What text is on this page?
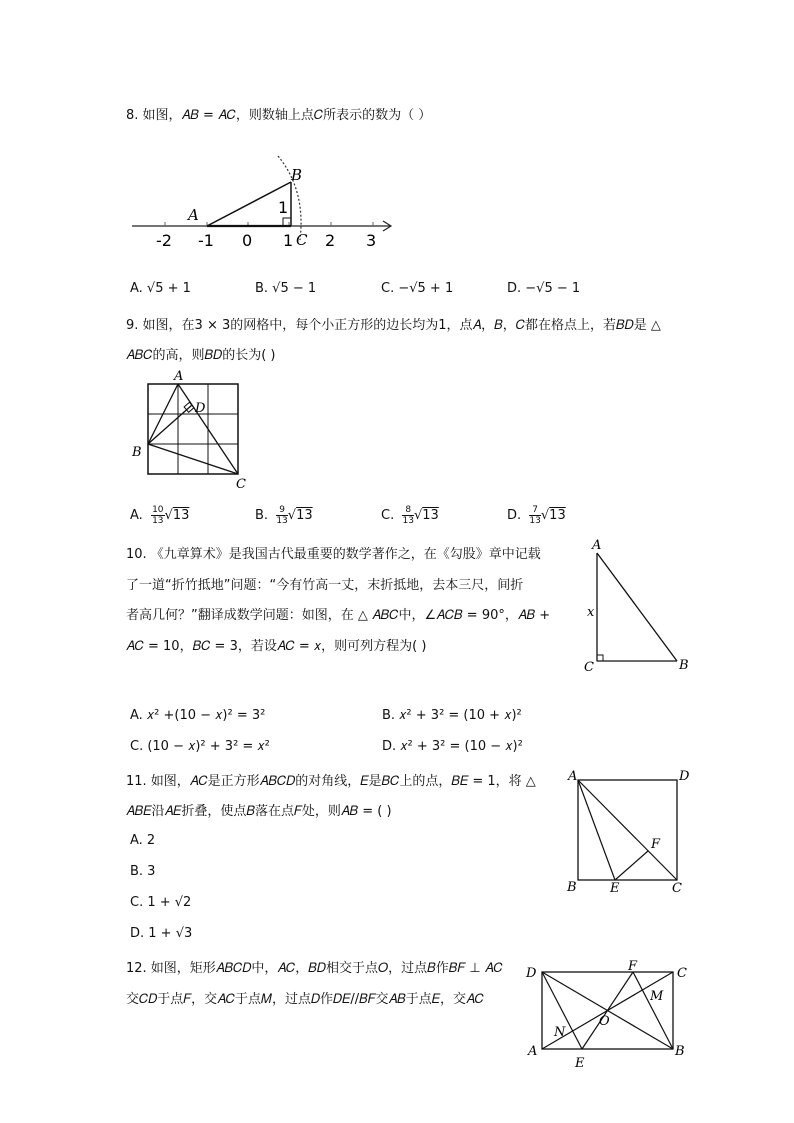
8. 如图，𝐴𝐵 = 𝐴𝐶，则数轴上点𝐶所表示的数为（ ）
A
B
C
1
-2 -1 0 1 2 3
A. √5 + 1	B. √5 − 1	C. −√5 + 1	D. −√5 − 1
9. 如图，在3 × 3的网格中，每个小正方形的边长均为1，点𝐴，𝐵，𝐶都在格点上，若𝐵𝐷是 △
𝐴𝐵𝐶的高，则𝐵𝐷的长为( )
A
B
C
D
A. $\frac{10}{13} √13$	B. $\frac{9}{13} √13$	C. $\frac{8}{13} √13$	D. $\frac{7}{13} √13$
10. 《九章算术》是我国古代最重要的数学著作之，在《勾股》章中记载
了一道“折竹抵地”问题：“今有竹高一丈，末折抵地，去本三尺，间折
者高几何？”翻译成数学问题：如图，在 △ 𝐴𝐵𝐶中，∠𝐴𝐶𝐵 = 90°，𝐴𝐵 +
𝐴𝐶 = 10，𝐵𝐶 = 3，若设𝐴𝐶 = 𝑥，则可列方程为( )
A
C	B
x
A. 𝑥² +(10 − 𝑥)² = 3²	B. 𝑥² + 3² = (10 + 𝑥)²
C. (10 − 𝑥)² + 3² = 𝑥²	D. 𝑥² + 3² = (10 − 𝑥)²
11. 如图，𝐴𝐶是正方形𝐴𝐵𝐶𝐷的对角线，𝐸是𝐵𝐶上的点，𝐵𝐸 = 1，将 △
𝐴𝐵𝐸沿𝐴𝐸折叠，使点𝐵落在点𝐹处，则𝐴𝐵 = ( )
A	D
B	C
E
F
A. 2
B. 3
C. 1 + √2
D. 1 + √3
12. 如图，矩形𝐴𝐵𝐶𝐷中，𝐴𝐶，𝐵𝐷相交于点𝑂，过点𝐵作𝐵𝐹 ⊥ 𝐴𝐶
交𝐶𝐷于点𝐹，交𝐴𝐶于点𝑀，过点𝐷作𝐷𝐸//𝐵𝐹交𝐴𝐵于点𝐸，交𝐴𝐶
D	F	C
M
N
O
A	B
E
